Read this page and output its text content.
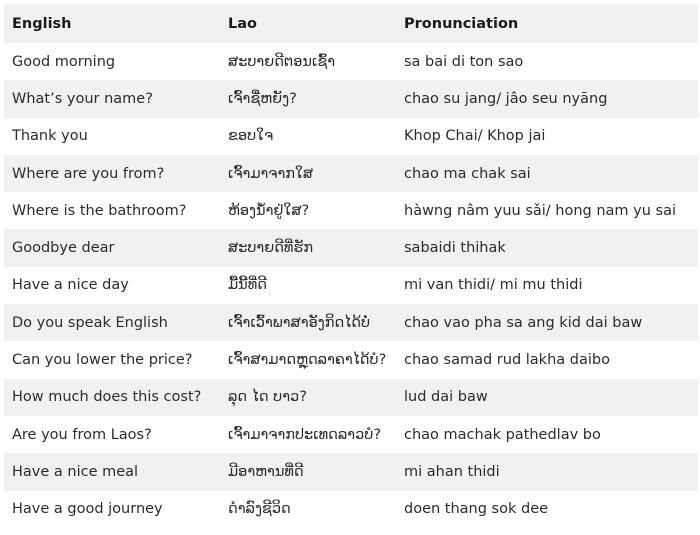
English	Lao	Pronunciation
Good morning	ສະບາຍດີຕອນເຊົ້າ	sa bai di ton sao
What’s your name?	ເຈົ້າຊື່ຫຍັງ?	chao su jang/ jâo seu nyāng
Thank you	ຂອບໃຈ	Khop Chai/ Khop jai
Where are you from?	ເຈົ້າມາຈາກໃສ	chao ma chak sai
Where is the bathroom?	ຫ້ອງນ້ຳຢູ່ໃສ?	hàwng nâm yuu sǎi/ hong nam yu sai
Goodbye dear	ສະບາຍດີທີ່ຮັກ	sabaidi thihak
Have a nice day	ມື້ນີ້ທີ່ດີ	mi van thidi/ mi mu thidi
Do you speak English	ເຈົ້າເວົ້າພາສາອັງກິດໄດ້ບໍ່	chao vao pha sa ang kid dai baw
Can you lower the price?	ເຈົ້າສາມາດຫຼຸດລາຄາໄດ້ບໍ?	chao samad rud lakha daibo
How much does this cost?	ລຸດ ໄດ ບາວ?	lud dai baw
Are you from Laos?	ເຈົ້າມາຈາກປະເທດລາວບໍ?	chao machak pathedlav bo
Have a nice meal	ມີອາຫານທີ່ດີ	mi ahan thidi
Have a good journey	ດໍາລົງຊີວິດ	doen thang sok dee
